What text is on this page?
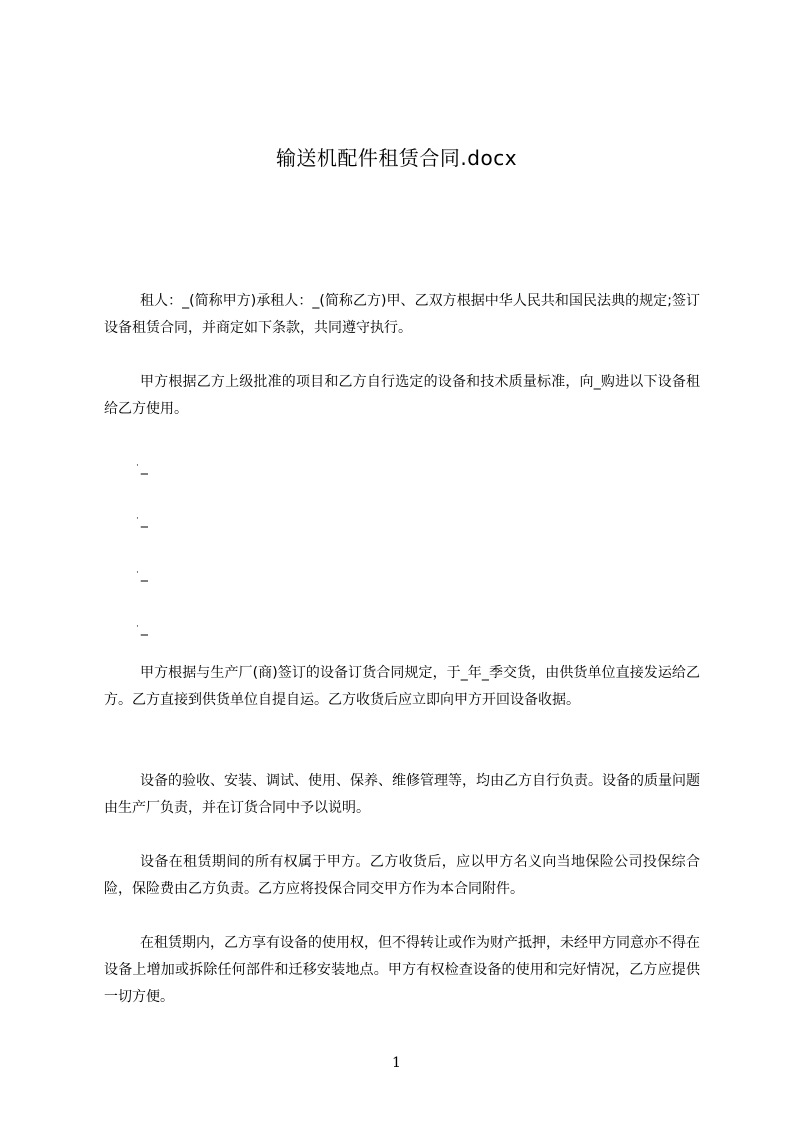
输送机配件租赁合同.docx

租人：_(简称甲方)承租人：_(简称乙方)甲、乙双方根据中华人民共和国民法典的规定;签订设备租赁合同，并商定如下条款，共同遵守执行。

甲方根据乙方上级批准的项目和乙方自行选定的设备和技术质量标准，向_购进以下设备租给乙方使用。

· _
· _
· _
· _

甲方根据与生产厂(商)签订的设备订货合同规定，于_年_季交货，由供货单位直接发运给乙方。乙方直接到供货单位自提自运。乙方收货后应立即向甲方开回设备收据。

设备的验收、安装、调试、使用、保养、维修管理等，均由乙方自行负责。设备的质量问题由生产厂负责，并在订货合同中予以说明。

设备在租赁期间的所有权属于甲方。乙方收货后，应以甲方名义向当地保险公司投保综合险，保险费由乙方负责。乙方应将投保合同交甲方作为本合同附件。

在租赁期内，乙方享有设备的使用权，但不得转让或作为财产抵押，未经甲方同意亦不得在设备上增加或拆除任何部件和迁移安装地点。甲方有权检查设备的使用和完好情况，乙方应提供一切方便。

1
